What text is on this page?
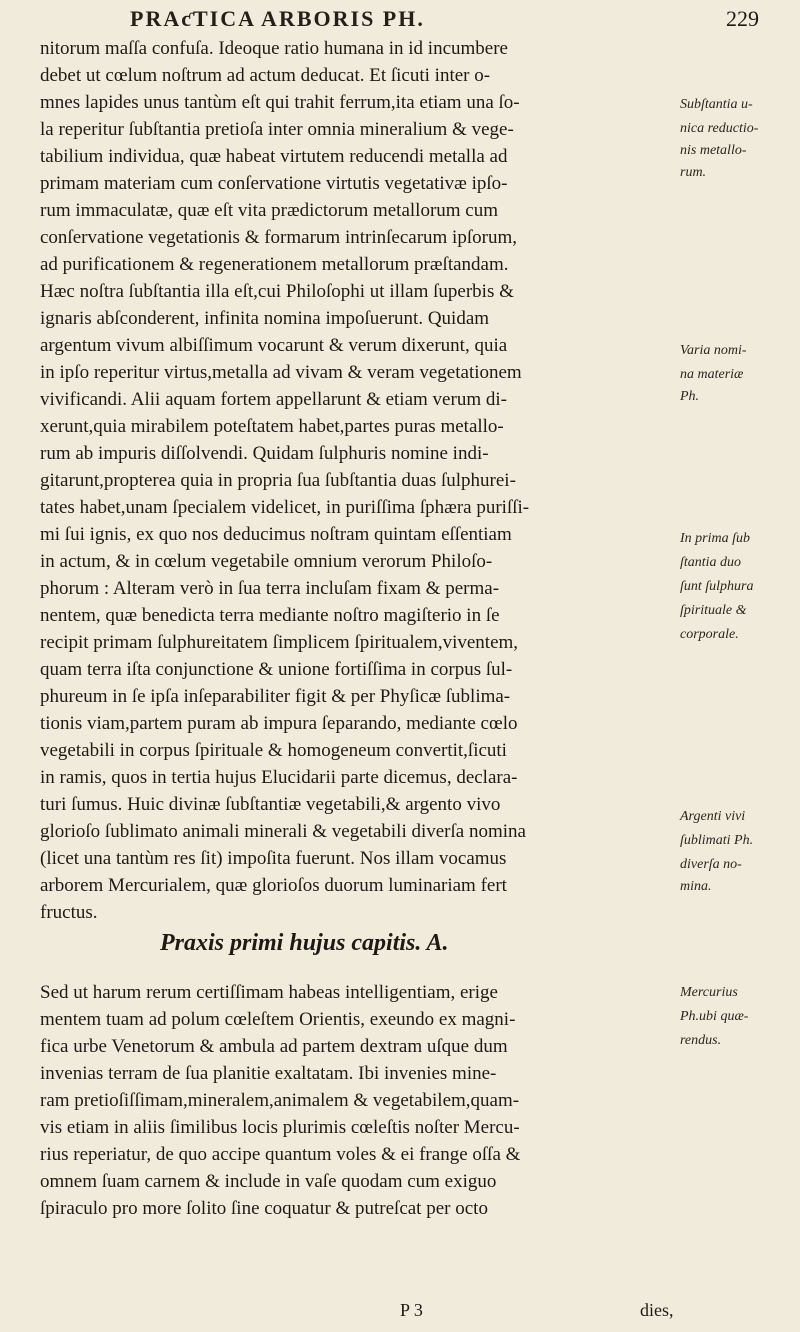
PRAƈTICA ARBORIS PH.	229
nitorum maſſa confuſa. Ideoque ratio humana in id incumbere
debet ut cœlum noſtrum ad actum deducat. Et ſicuti inter o-
mnes lapides unus tantùm eſt qui trahit ferrum,ita etiam una ſo-
la reperitur ſubſtantia pretioſa inter omnia mineralium & vege-
tabilium individua, quæ habeat virtutem reducendi metalla ad
primam materiam cum conſervatione virtutis vegetativæ ipſo-
rum immaculatæ, quæ eſt vita prædictorum metallorum cum
conſervatione vegetationis & formarum intrinſecarum ipſorum,
ad purificationem & regenerationem metallorum præſtandam.
Hæc noſtra ſubſtantia illa eſt,cui Philoſophi ut illam ſuperbis &
ignaris abſconderent, infinita nomina impoſuerunt. Quidam
argentum vivum albiſſimum vocarunt & verum dixerunt, quia
in ipſo reperitur virtus,metalla ad vivam & veram vegetationem
vivificandi. Alii aquam fortem appellarunt & etiam verum di-
xerunt,quia mirabilem poteſtatem habet,partes puras metallo-
rum ab impuris diſſolvendi. Quidam ſulphuris nomine indi-
gitarunt,propterea quia in propria ſua ſubſtantia duas ſulphurei-
tates habet,unam ſpecialem videlicet, in puriſſima ſphæra puriſſi-
mi ſui ignis, ex quo nos deducimus noſtram quintam eſſentiam
in actum, & in cœlum vegetabile omnium verorum Philoſo-
phorum : Alteram verò in ſua terra incluſam fixam & perma-
nentem, quæ benedicta terra mediante noſtro magiſterio in ſe
recipit primam ſulphureitatem ſimplicem ſpiritualem,viventem,
quam terra iſta conjunctione & unione fortiſſima in corpus ſul-
phureum in ſe ipſa inſeparabiliter figit & per Phyſicæ ſublima-
tionis viam,partem puram ab impura ſeparando, mediante cœlo
vegetabili in corpus ſpirituale & homogeneum convertit,ſicuti
in ramis, quos in tertia hujus Elucidarii parte dicemus, declara-
turi ſumus. Huic divinæ ſubſtantiæ vegetabili,& argento vivo
glorioſo ſublimato animali minerali & vegetabili diverſa nomina
(licet una tantùm res ſit) impoſita fuerunt. Nos illam vocamus
arborem Mercurialem, quæ glorioſos duorum luminariam fert
fructus.
Sed ut harum rerum certiſſimam habeas intelligentiam, erige
mentem tuam ad polum cœleſtem Orientis, exeundo ex magni-
fica urbe Venetorum & ambula ad partem dextram uſque dum
invenias terram de ſua planitie exaltatam. Ibi invenies mine-
ram pretioſiſſimam,mineralem,animalem & vegetabilem,quam-
vis etiam in aliis ſimilibus locis plurimis cœleſtis noſter Mercu-
rius reperiatur, de quo accipe quantum voles & ei frange oſſa &
omnem ſuam carnem & include in vaſe quodam cum exiguo
ſpiraculo pro more ſolito ſine coquatur & putreſcat per octo
Praxis primi hujus capitis. A.
Subſtantia u-
nica reductio-
nis metallo-
rum.
Varia nomi-
na materiæ
Ph.
In prima ſub
ſtantia duo
ſunt ſulphura
ſpirituale &
corporale.
Argenti vivi
ſublimati Ph.
diverſa no-
mina.
Mercurius
Ph.ubi quæ-
rendus.
P 3	dies,
